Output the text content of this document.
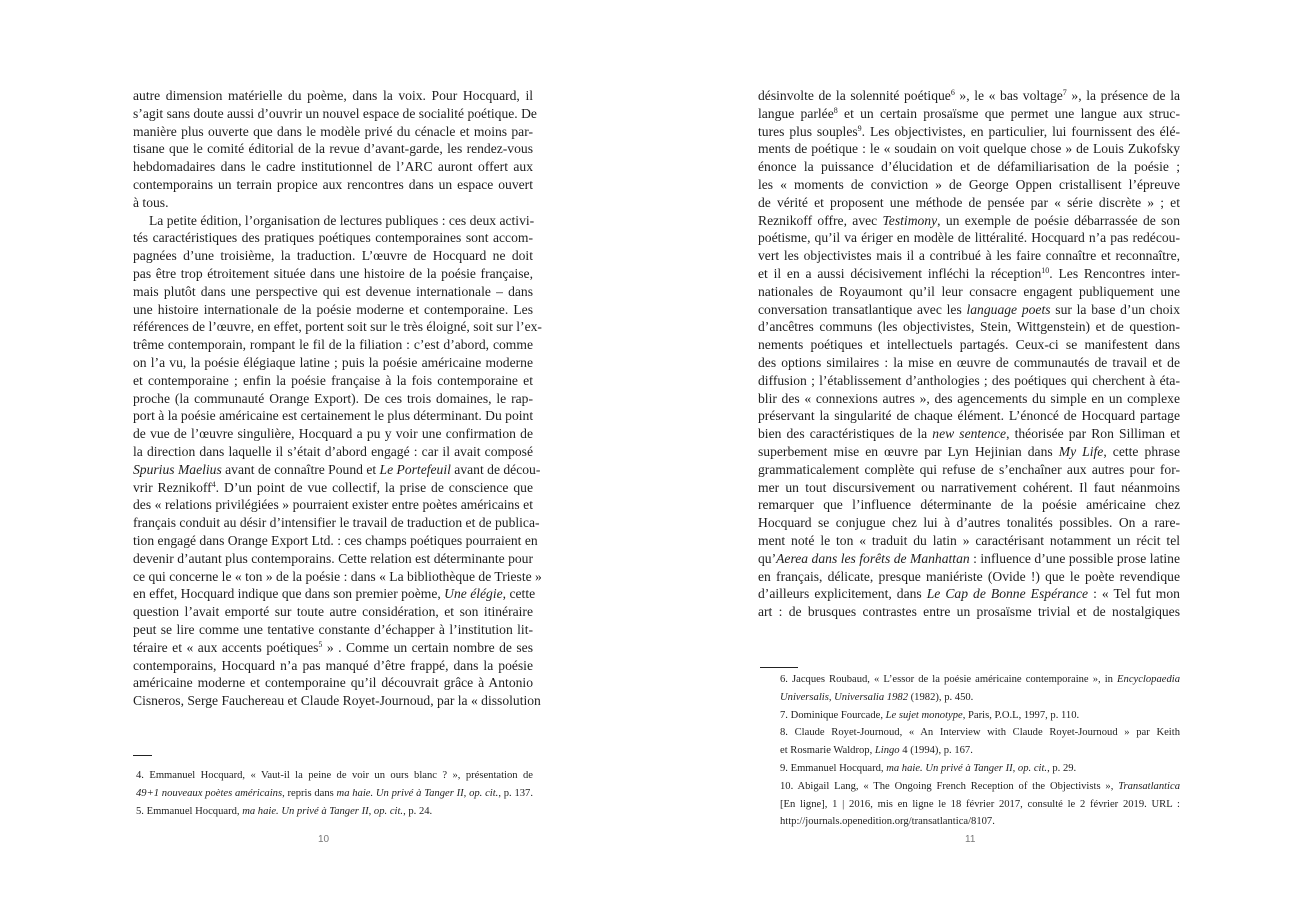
autre dimension matérielle du poème, dans la voix. Pour Hocquard, il
s’agit sans doute aussi d’ouvrir un nouvel espace de socialité poétique. De
manière plus ouverte que dans le modèle privé du cénacle et moins par-
tisane que le comité éditorial de la revue d’avant-garde, les rendez-vous
hebdomadaires dans le cadre institutionnel de l’ARC auront offert aux
contemporains un terrain propice aux rencontres dans un espace ouvert
à tous.
La petite édition, l’organisation de lectures publiques : ces deux activi-
tés caractéristiques des pratiques poétiques contemporaines sont accom-
pagnées d’une troisième, la traduction. L’œuvre de Hocquard ne doit
pas être trop étroitement située dans une histoire de la poésie française,
mais plutôt dans une perspective qui est devenue internationale – dans
une histoire internationale de la poésie moderne et contemporaine. Les
références de l’œuvre, en effet, portent soit sur le très éloigné, soit sur l’ex-
trême contemporain, rompant le fil de la filiation : c’est d’abord, comme
on l’a vu, la poésie élégiaque latine ; puis la poésie américaine moderne
et contemporaine ; enfin la poésie française à la fois contemporaine et
proche (la communauté Orange Export). De ces trois domaines, le rap-
port à la poésie américaine est certainement le plus déterminant. Du point
de vue de l’œuvre singulière, Hocquard a pu y voir une confirmation de
la direction dans laquelle il s’était d’abord engagé : car il avait composé
Spurius Maelius avant de connaître Pound et Le Portefeuil avant de décou-
vrir Reznikoff$^4$. D’un point de vue collectif, la prise de conscience que
des « relations privilégiées » pourraient exister entre poètes américains et
français conduit au désir d’intensifier le travail de traduction et de publica-
tion engagé dans Orange Export Ltd. : ces champs poétiques pourraient en
devenir d’autant plus contemporains. Cette relation est déterminante pour
ce qui concerne le « ton » de la poésie : dans « La bibliothèque de Trieste »
en effet, Hocquard indique que dans son premier poème, Une élégie, cette
question l’avait emporté sur toute autre considération, et son itinéraire
peut se lire comme une tentative constante d’échapper à l’institution lit-
téraire et « aux accents poétiques$^5$ » . Comme un certain nombre de ses
contemporains, Hocquard n’a pas manqué d’être frappé, dans la poésie
américaine moderne et contemporaine qu’il découvrait grâce à Antonio
Cisneros, Serge Fauchereau et Claude Royet-Journoud, par la « dissolution
4. Emmanuel Hocquard, « Vaut-il la peine de voir un ours blanc ? », présentation de
49+1 nouveaux poètes américains, repris dans ma haie. Un privé à Tanger II, op. cit., p. 137.
5. Emmanuel Hocquard, ma haie. Un privé à Tanger II, op. cit., p. 24.
10
désinvolte de la solennité poétique$^6$ », le « bas voltage$^7$ », la présence de la
langue parlée$^8$ et un certain prosaïsme que permet une langue aux struc-
tures plus souples$^9$. Les objectivistes, en particulier, lui fournissent des élé-
ments de poétique : le « soudain on voit quelque chose » de Louis Zukofsky
énonce la puissance d’élucidation et de défamiliarisation de la poésie ;
les « moments de conviction » de George Oppen cristallisent l’épreuve
de vérité et proposent une méthode de pensée par « série discrète » ; et
Reznikoff offre, avec Testimony, un exemple de poésie débarrassée de son
poétisme, qu’il va ériger en modèle de littéralité. Hocquard n’a pas redécou-
vert les objectivistes mais il a contribué à les faire connaître et reconnaître,
et il en a aussi décisivement infléchi la réception$^{10}$. Les Rencontres inter-
nationales de Royaumont qu’il leur consacre engagent publiquement une
conversation transatlantique avec les language poets sur la base d’un choix
d’ancêtres communs (les objectivistes, Stein, Wittgenstein) et de question-
nements poétiques et intellectuels partagés. Ceux-ci se manifestent dans
des options similaires : la mise en œuvre de communautés de travail et de
diffusion ; l’établissement d’anthologies ; des poétiques qui cherchent à éta-
blir des « connexions autres », des agencements du simple en un complexe
préservant la singularité de chaque élément. L’énoncé de Hocquard partage
bien des caractéristiques de la new sentence, théorisée par Ron Silliman et
superbement mise en œuvre par Lyn Hejinian dans My Life, cette phrase
grammaticalement complète qui refuse de s’enchaîner aux autres pour for-
mer un tout discursivement ou narrativement cohérent. Il faut néanmoins
remarquer que l’influence déterminante de la poésie américaine chez
Hocquard se conjugue chez lui à d’autres tonalités possibles. On a rare-
ment noté le ton « traduit du latin » caractérisant notamment un récit tel
qu’Aerea dans les forêts de Manhattan : influence d’une possible prose latine
en français, délicate, presque maniériste (Ovide !) que le poète revendique
d’ailleurs explicitement, dans Le Cap de Bonne Espérance : « Tel fut mon
art : de brusques contrastes entre un prosaïsme trivial et de nostalgiques
6. Jacques Roubaud, « L’essor de la poésie américaine contemporaine », in Encyclopaedia
Universalis, Universalia 1982 (1982), p. 450.
7. Dominique Fourcade, Le sujet monotype, Paris, P.O.L, 1997, p. 110.
8. Claude Royet-Journoud, « An Interview with Claude Royet-Journoud » par Keith
et Rosmarie Waldrop, Lingo 4 (1994), p. 167.
9. Emmanuel Hocquard, ma haie. Un privé à Tanger II, op. cit., p. 29.
10. Abigail Lang, « The Ongoing French Reception of the Objectivists », Transatlantica
[En ligne], 1 | 2016, mis en ligne le 18 février 2017, consulté le 2 février 2019. URL :
http://journals.openedition.org/transatlantica/8107.
11
